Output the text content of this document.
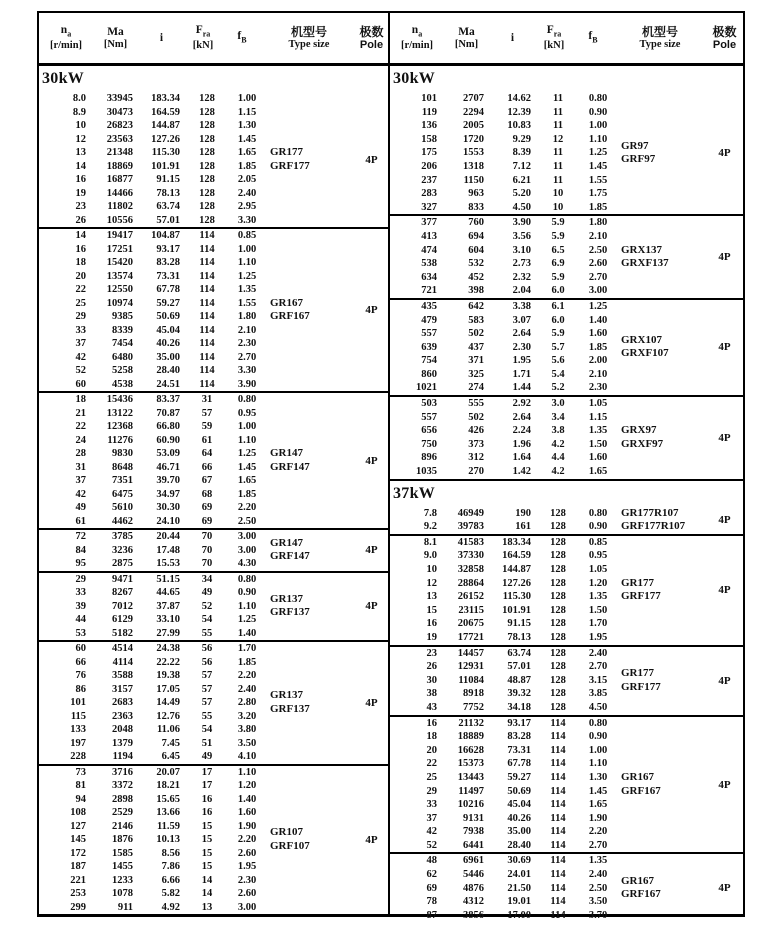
$n_a$
[r/min]
Ma
[Nm]
i
$F_{ra}$
[kN]
$f_B$
机型号
Type size
极数
Pole
30kW
8.0	33945	183.34	128	1.00
8.9	30473	164.59	128	1.15
10	26823	144.87	128	1.30
12	23563	127.26	128	1.45
13	21348	115.30	128	1.65
14	18869	101.91	128	1.85
16	16877	91.15	128	2.05
19	14466	78.13	128	2.40
23	11802	63.74	128	2.95
26	10556	57.01	128	3.30
GR177
GRF177	4P
14	19417	104.87	114	0.85
16	17251	93.17	114	1.00
18	15420	83.28	114	1.10
20	13574	73.31	114	1.25
22	12550	67.78	114	1.35
25	10974	59.27	114	1.55
29	9385	50.69	114	1.80
33	8339	45.04	114	2.10
37	7454	40.26	114	2.30
42	6480	35.00	114	2.70
52	5258	28.40	114	3.30
60	4538	24.51	114	3.90
GR167
GRF167	4P
18	15436	83.37	31	0.80
21	13122	70.87	57	0.95
22	12368	66.80	59	1.00
24	11276	60.90	61	1.10
28	9830	53.09	64	1.25
31	8648	46.71	66	1.45
37	7351	39.70	67	1.65
42	6475	34.97	68	1.85
49	5610	30.30	69	2.20
61	4462	24.10	69	2.50
GR147
GRF147	4P
72	3785	20.44	70	3.00
84	3236	17.48	70	3.00
95	2875	15.53	70	4.30
GR147
GRF147	4P
29	9471	51.15	34	0.80
33	8267	44.65	49	0.90
39	7012	37.87	52	1.10
44	6129	33.10	54	1.25
53	5182	27.99	55	1.40
GR137
GRF137	4P
60	4514	24.38	56	1.70
66	4114	22.22	56	1.85
76	3588	19.38	57	2.20
86	3157	17.05	57	2.40
101	2683	14.49	57	2.80
115	2363	12.76	55	3.20
133	2048	11.06	54	3.80
197	1379	7.45	51	3.50
228	1194	6.45	49	4.10
GR137
GRF137	4P
73	3716	20.07	17	1.10
81	3372	18.21	17	1.20
94	2898	15.65	16	1.40
108	2529	13.66	16	1.60
127	2146	11.59	15	1.90
145	1876	10.13	15	2.20
172	1585	8.56	15	2.60
187	1455	7.86	15	1.95
221	1233	6.66	14	2.30
253	1078	5.82	14	2.60
299	911	4.92	13	3.00
GR107
GRF107	4P
$n_a$
[r/min]
Ma
[Nm]
i
$F_{ra}$
[kN]
$f_B$
机型号
Type size
极数
Pole
30kW
101	2707	14.62	11	0.80
119	2294	12.39	11	0.90
136	2005	10.83	11	1.00
158	1720	9.29	12	1.10
175	1553	8.39	11	1.25
206	1318	7.12	11	1.45
237	1150	6.21	11	1.55
283	963	5.20	10	1.75
327	833	4.50	10	1.85
GR97
GRF97	4P
377	760	3.90	5.9	1.80
413	694	3.56	5.9	2.10
474	604	3.10	6.5	2.50
538	532	2.73	6.9	2.60
634	452	2.32	5.9	2.70
721	398	2.04	6.0	3.00
GRX137
GRXF137	4P
435	642	3.38	6.1	1.25
479	583	3.07	6.0	1.40
557	502	2.64	5.9	1.60
639	437	2.30	5.7	1.85
754	371	1.95	5.6	2.00
860	325	1.71	5.4	2.10
1021	274	1.44	5.2	2.30
GRX107
GRXF107	4P
503	555	2.92	3.0	1.05
557	502	2.64	3.4	1.15
656	426	2.24	3.8	1.35
750	373	1.96	4.2	1.50
896	312	1.64	4.4	1.60
1035	270	1.42	4.2	1.65
GRX97
GRXF97	4P
37kW
7.8	46949	190	128	0.80
9.2	39783	161	128	0.90
GR177R107
GRF177R107	4P
8.1	41583	183.34	128	0.85
9.0	37330	164.59	128	0.95
10	32858	144.87	128	1.05
12	28864	127.26	128	1.20
13	26152	115.30	128	1.35
15	23115	101.91	128	1.50
16	20675	91.15	128	1.70
19	17721	78.13	128	1.95
GR177
GRF177	4P
23	14457	63.74	128	2.40
26	12931	57.01	128	2.70
30	11084	48.87	128	3.15
38	8918	39.32	128	3.85
43	7752	34.18	128	4.50
GR177
GRF177	4P
16	21132	93.17	114	0.80
18	18889	83.28	114	0.90
20	16628	73.31	114	1.00
22	15373	67.78	114	1.10
25	13443	59.27	114	1.30
29	11497	50.69	114	1.45
33	10216	45.04	114	1.65
37	9131	40.26	114	1.90
42	7938	35.00	114	2.20
52	6441	28.40	114	2.70
GR167
GRF167	4P
48	6961	30.69	114	1.35
62	5446	24.01	114	2.40
69	4876	21.50	114	2.50
78	4312	19.01	114	3.50
87	3856	17.00	114	3.70
GR167
GRF167	4P
